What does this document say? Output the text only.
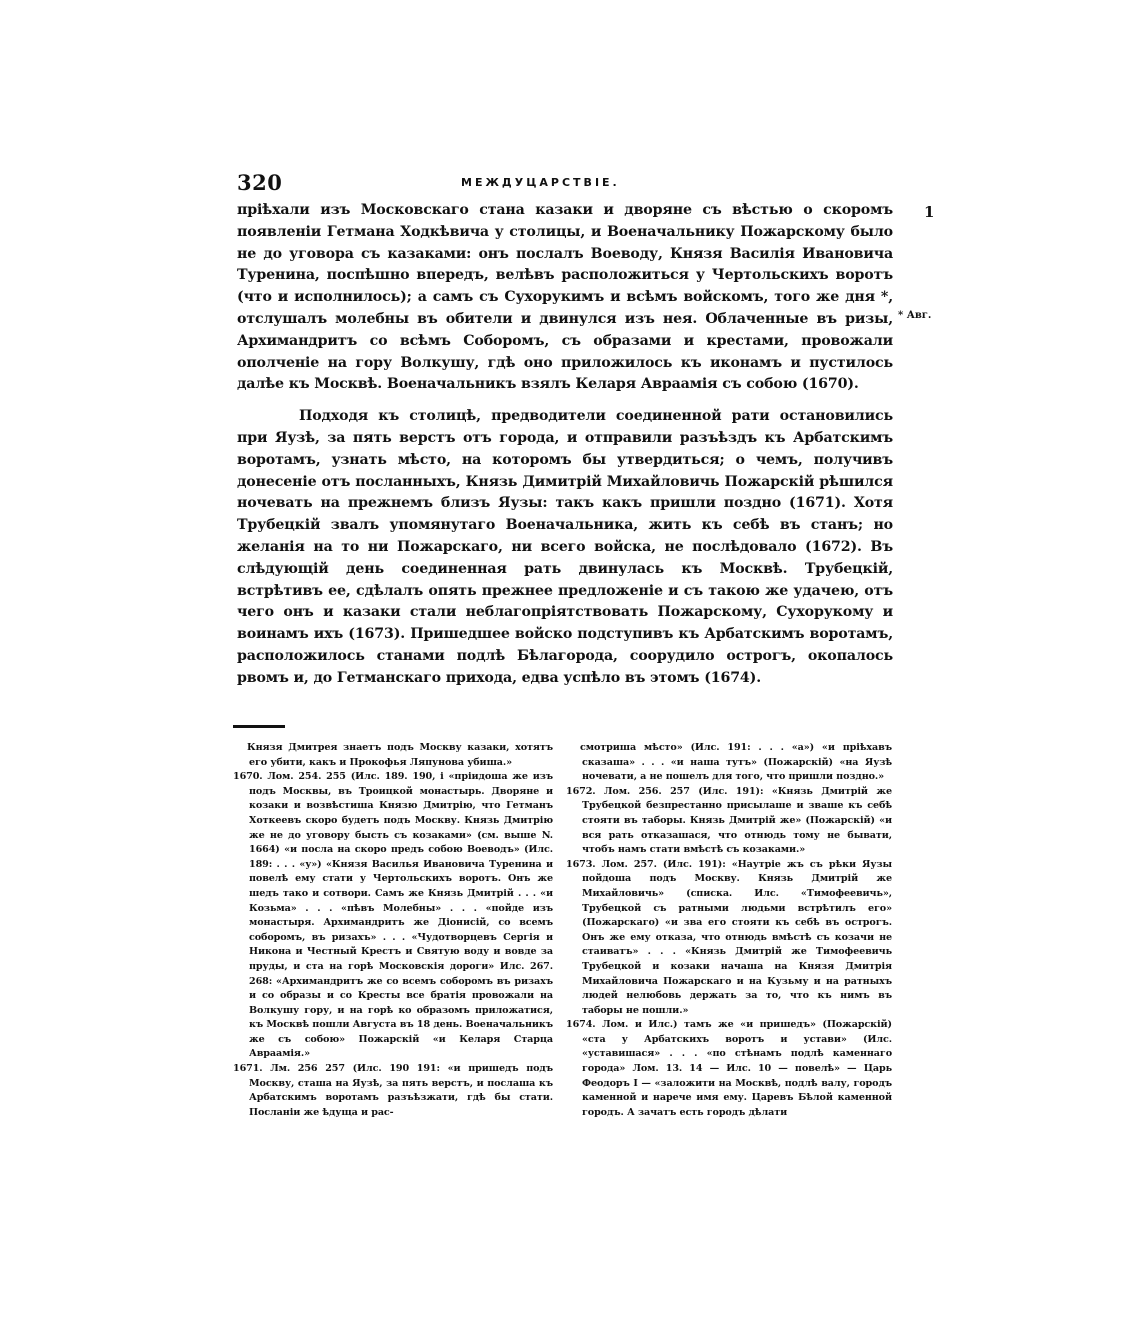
320	МЕЖДУЦАРСТВІЕ.
1
* Авг.

пріѣхали изъ Московскаго стана казаки и дворяне съ вѣстью о скоромъ появленіи Гетмана Ходкѣвича у столицы, и Военачальнику Пожарскому было не до уговора съ казаками: онъ послалъ Воеводу, Князя Василія Ивановича Туренина, поспѣшно впередъ, велѣвъ расположиться у Чертольскихъ воротъ (что и исполнилось); а самъ съ Сухорукимъ и всѣмъ войскомъ, того же дня *, отслушалъ молебны въ обители и двинулся изъ нея. Облаченные въ ризы, Архимандритъ со всѣмъ Соборомъ, съ образами и крестами, провожали ополченіе на гору Волкушу, гдѣ оно приложилось къ иконамъ и пустилось далѣе къ Москвѣ. Военачальникъ взялъ Келаря Авраамія съ собою (1670).

Подходя къ столицѣ, предводители соединенной рати остановились при Яузѣ, за пять верстъ отъ города, и отправили разъѣздъ къ Арбатскимъ воротамъ, узнать мѣсто, на которомъ бы утвердиться; о чемъ, получивъ донесеніе отъ посланныхъ, Князь Димитрій Михайловичь Пожарскій рѣшился ночевать на прежнемъ близъ Яузы: такъ какъ пришли поздно (1671). Хотя Трубецкій звалъ упомянутаго Военачальника, жить къ себѣ въ станъ; но желанія на то ни Пожарскаго, ни всего войска, не послѣдовало (1672). Въ слѣдующій день соединенная рать двинулась къ Москвѣ. Трубецкій, встрѣтивъ ее, сдѣлалъ опять прежнее предложеніе и съ такою же удачею, отъ чего онъ и казаки стали неблагопріятствовать Пожарскому, Сухорукому и воинамъ ихъ (1673). Пришедшее войско подступивъ къ Арбатскимъ воротамъ, расположилось станами подлѣ Бѣлагорода, соорудило острогъ, окопалось рвомъ и, до Гетманскаго прихода, едва успѣло въ этомъ (1674).

Князя Дмитрея знаетъ подъ Москву казаки, хотятъ его убити, какъ и Прокофья Ляпунова убиша.»

1670. Лом. 254. 255 (Илс. 189. 190, і «пріидоша же изъ подъ Москвы, въ Троицкой монастырь. Дворяне и козаки и возвѣстиша Князю Дмитрію, что Гетманъ Хоткеевъ скоро будетъ подъ Москву. Князь Дмитрію же не до уговору бысть съ козаками» (см. выше N. 1664) «и посла на скоро предъ собою Воеводъ» (Илс. 189: . . . «у») «Князя Василья Ивановича Туренина и повелѣ ему стати у Чертольскихъ воротъ. Онъ же шедъ тако и сотвори. Самъ же Князь Дмитрій . . . «и Козьма» . . . «пѣвъ Молебны» . . . «пойде изъ монастыря. Архимандритъ же Діонисій, со всемъ соборомъ, въ ризахъ» . . . «Чудотворцевъ Сергія и Никона и Честный Крестъ и Святую воду и вовде за пруды, и ста на горѣ Московскія дороги» Илс. 267. 268: «Архимандритъ же со всемъ соборомъ въ ризахъ и со образы и со Кресты все братія провожали на Волкушу гору, и на горѣ ко образомъ приложатися, къ Москвѣ пошли Августа въ 18 день. Военачальникъ же съ собою» Пожарскій «и Келаря Старца Авраамія.»

1671. Лм. 256 257 (Илс. 190 191: «и пришедъ подъ Москву, сташа на Яузѣ, за пять верстъ, и послаша къ Арбатскимъ воротамъ разъѣзжати, гдѣ бы стати. Посланіи же ѣдуща и рас-

смотриша мѣсто» (Илс. 191: . . . «а») «и пріѣхавъ сказаша» . . . «и наша тутъ» (Пожарскій) «на Яузѣ ночевати, а не пошелъ для того, что пришли поздно.»

1672. Лом. 256. 257 (Илс. 191): «Князь Дмитрій же Трубецкой безпрестанно присылаше и зваше къ себѣ стояти въ таборы. Князь Дмитрій же» (Пожарскій) «и вся рать отказашася, что отнюдь тому не бывати, чтобъ намъ стати вмѣстѣ съ козаками.»

1673. Лом. 257. (Илс. 191): «Наутріе жъ съ рѣки Яузы пойдоша подъ Москву. Князь Дмитрій же Михайловичь» (списка. Илс. «Тимофеевичь», Трубецкой съ ратными людьми встрѣтилъ его» (Пожарскаго) «и зва его стояти къ себѣ въ острогъ. Онъ же ему отказа, что отнюдь вмѣстѣ съ козачи не стаиватъ» . . . «Князь Дмитрій же Тимофеевичь Трубецкой и козаки начаша на Князя Дмитрія Михайловича Пожарскаго и на Кузьму и на ратныхъ людей нелюбовь держать за то, что къ нимъ въ таборы не пошли.»

1674. Лом. и Илс.) тамъ же «и пришедъ» (Пожарскій) «ста у Арбатскихъ воротъ и устави» (Илс. «уставишася» . . . «по стѣнамъ подлѣ каменнаго города» Лом. 13. 14 — Илс. 10 — повелѣ» — Царь Феодоръ I — «заложити на Москвѣ, подлѣ валу, городъ каменной и нарече имя ему. Царевъ Бѣлой каменной городъ. А зачатъ есть городъ дѣлати
